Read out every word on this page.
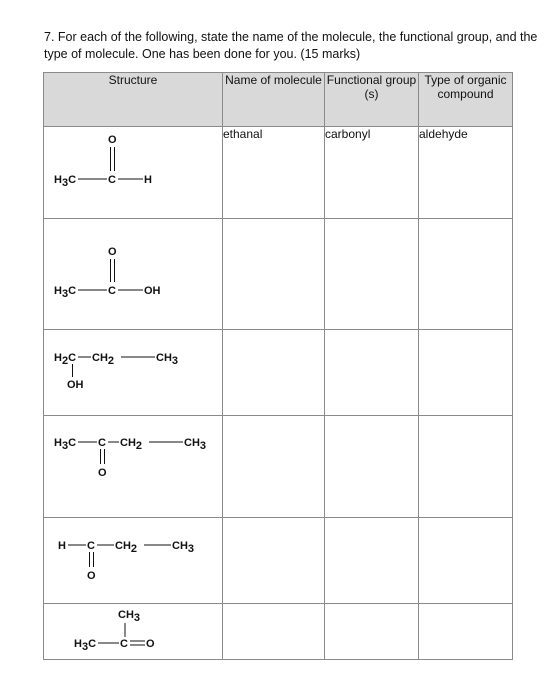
7. For each of the following, state the name of the molecule, the functional group, and the type of molecule. One has been done for you. (15 marks)
Structure	Name of molecule	Functional group (s)	Type of organic compound

O
H3C C H	ethanal	carbonyl	aldehyde

O
H3C C OH			

H2C CH2 CH3
OH			

H3C C CH2 CH3
O			

H C CH2 CH3
O			

CH3
H3C C O			
